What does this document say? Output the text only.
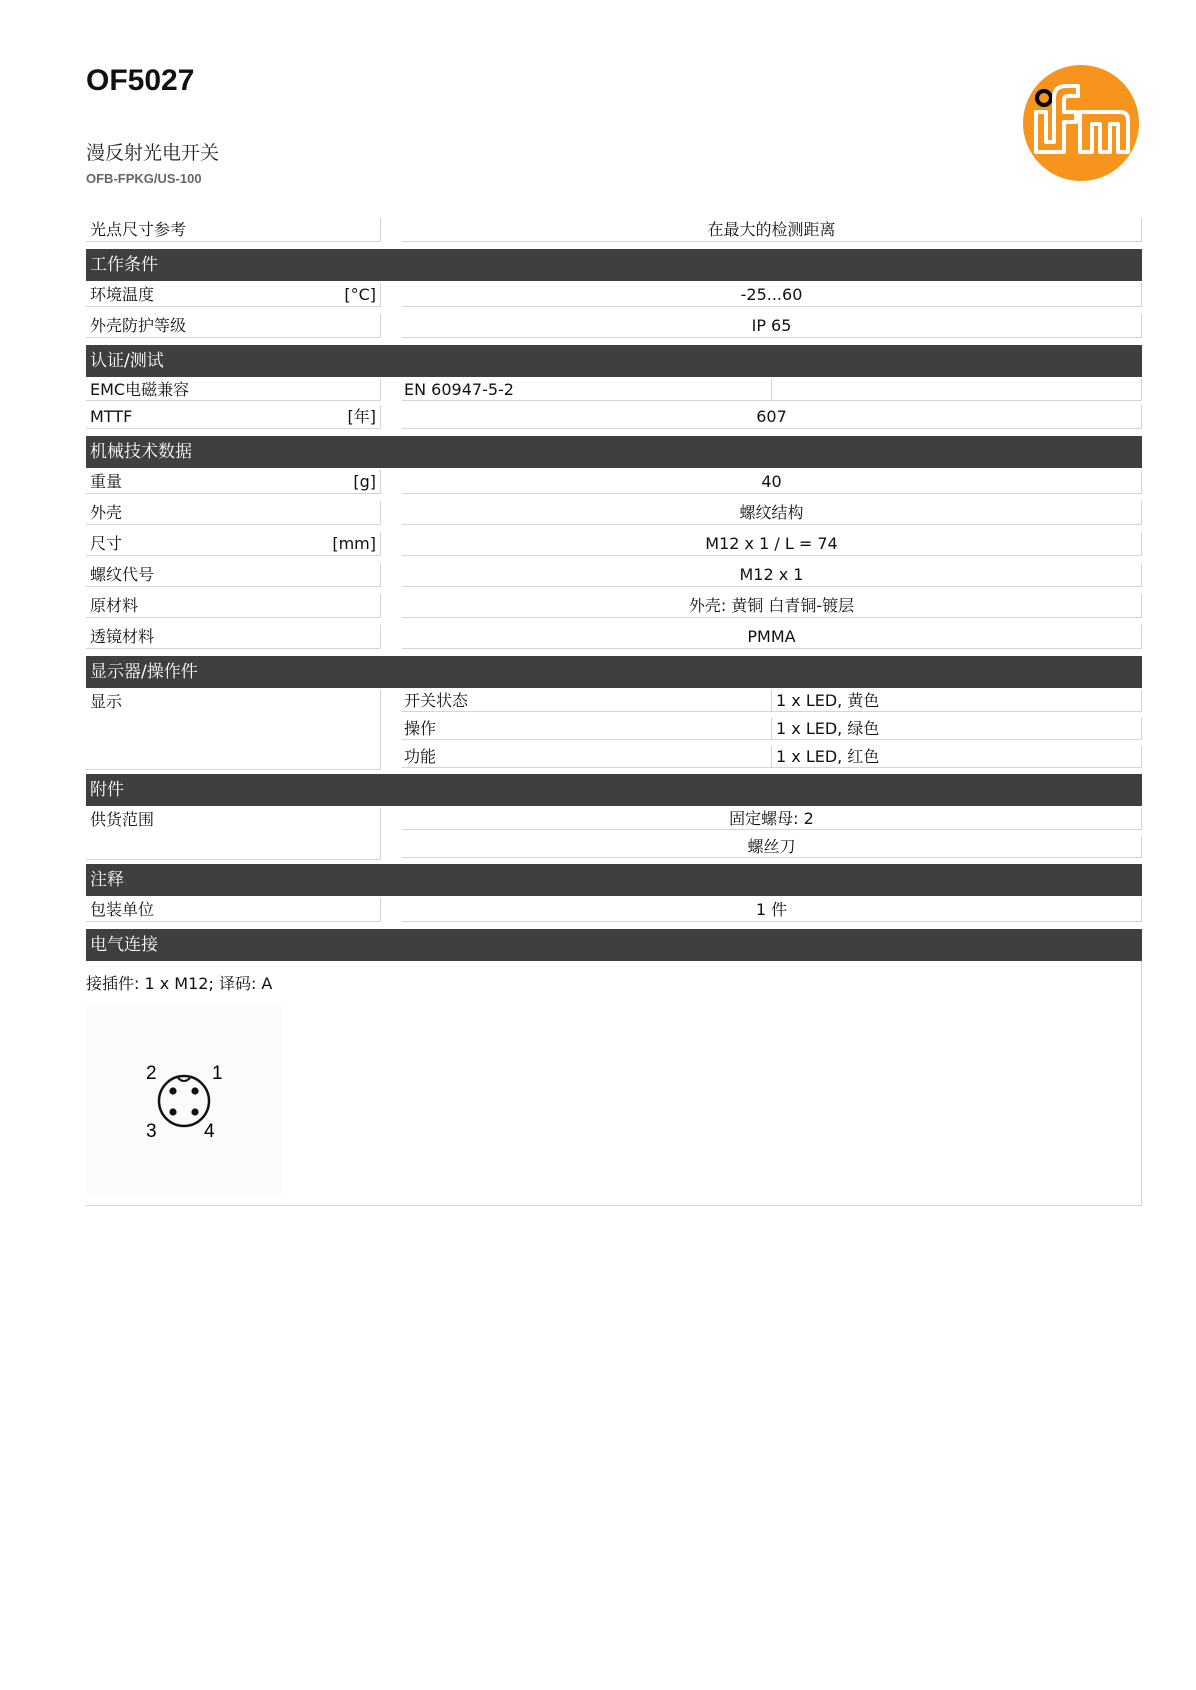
OF5027
漫反射光电开关
OFB-FPKG/US-100
光点尺寸参考	在最大的检测距离
工作条件
环境温度	[°C]	-25...60
外壳防护等级	IP 65
认证/测试
EMC电磁兼容	EN 60947-5-2
MTTF	[年]	607
机械技术数据
重量	[g]	40
外壳	螺纹结构
尺寸	[mm]	M12 x 1 / L = 74
螺纹代号	M12 x 1
原材料	外壳: 黄铜 白青铜-镀层
透镜材料	PMMA
显示器/操作件
显示	开关状态	1 x LED, 黄色
操作	1 x LED, 绿色
功能	1 x LED, 红色
附件
供货范围	固定螺母: 2
螺丝刀
注释
包装单位	1 件
电气连接
接插件: 1 x M12; 译码: A
1
2
3 4
